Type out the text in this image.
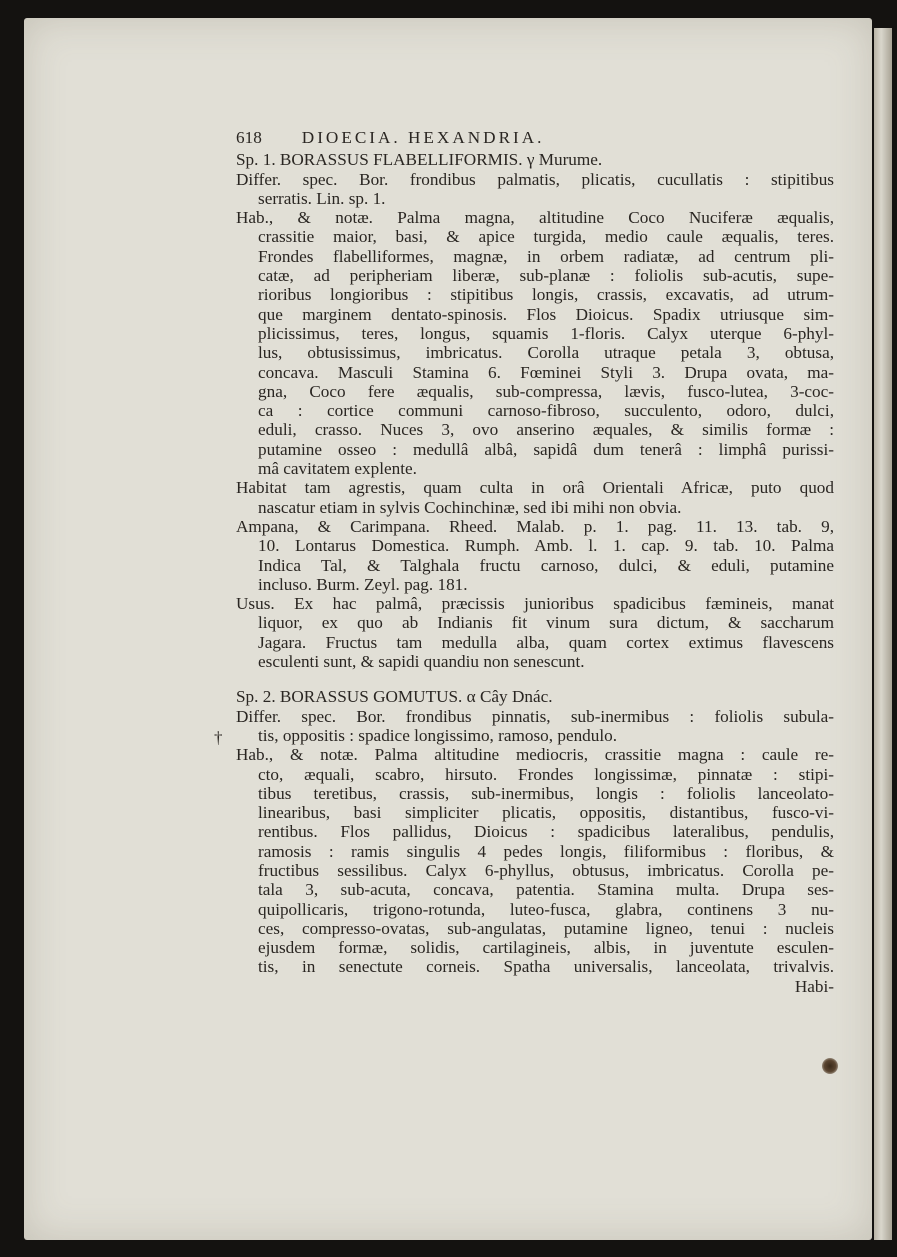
†
618 DIOECIA. HEXANDRIA.
Sp. 1. BORASSUS FLABELLIFORMIS. γ Murume.
Differ. spec. Bor. frondibus palmatis, plicatis, cucullatis : stipitibus
serratis. Lin. sp. 1.
Hab., & notæ. Palma magna, altitudine Coco Nuciferæ æqualis,
crassitie maior, basi, & apice turgida, medio caule æqualis, teres.
Frondes flabelliformes, magnæ, in orbem radiatæ, ad centrum pli-
catæ, ad peripheriam liberæ, sub-planæ : foliolis sub-acutis, supe-
rioribus longioribus : stipitibus longis, crassis, excavatis, ad utrum-
que marginem dentato-spinosis. Flos Dioicus. Spadix utriusque sim-
plicissimus, teres, longus, squamis 1-floris. Calyx uterque 6-phyl-
lus, obtusissimus, imbricatus. Corolla utraque petala 3, obtusa,
concava. Masculi Stamina 6. Fœminei Styli 3. Drupa ovata, ma-
gna, Coco fere æqualis, sub-compressa, lævis, fusco-lutea, 3-coc-
ca : cortice communi carnoso-fibroso, succulento, odoro, dulci,
eduli, crasso. Nuces 3, ovo anserino æquales, & similis formæ :
putamine osseo : medullâ albâ, sapidâ dum tenerâ : limphâ purissi-
mâ cavitatem explente.
Habitat tam agrestis, quam culta in orâ Orientali Africæ, puto quod
nascatur etiam in sylvis Cochinchinæ, sed ibi mihi non obvia.
Ampana, & Carimpana. Rheed. Malab. p. 1. pag. 11. 13. tab. 9,
10. Lontarus Domestica. Rumph. Amb. l. 1. cap. 9. tab. 10. Palma
Indica Tal, & Talghala fructu carnoso, dulci, & eduli, putamine
incluso. Burm. Zeyl. pag. 181.
Usus. Ex hac palmâ, præcissis junioribus spadicibus fæmineis, manat
liquor, ex quo ab Indianis fit vinum sura dictum, & saccharum
Jagara. Fructus tam medulla alba, quam cortex extimus flavescens
esculenti sunt, & sapidi quandiu non senescunt.
Sp. 2. BORASSUS GOMUTUS. α Cây Dnác.
Differ. spec. Bor. frondibus pinnatis, sub-inermibus : foliolis subula-
tis, oppositis : spadice longissimo, ramoso, pendulo.
Hab., & notæ. Palma altitudine mediocris, crassitie magna : caule re-
cto, æquali, scabro, hirsuto. Frondes longissimæ, pinnatæ : stipi-
tibus teretibus, crassis, sub-inermibus, longis : foliolis lanceolato-
linearibus, basi simpliciter plicatis, oppositis, distantibus, fusco-vi-
rentibus. Flos pallidus, Dioicus : spadicibus lateralibus, pendulis,
ramosis : ramis singulis 4 pedes longis, filiformibus : floribus, &
fructibus sessilibus. Calyx 6-phyllus, obtusus, imbricatus. Corolla pe-
tala 3, sub-acuta, concava, patentia. Stamina multa. Drupa ses-
quipollicaris, trigono-rotunda, luteo-fusca, glabra, continens 3 nu-
ces, compresso-ovatas, sub-angulatas, putamine ligneo, tenui : nucleis
ejusdem formæ, solidis, cartilagineis, albis, in juventute esculen-
tis, in senectute corneis. Spatha universalis, lanceolata, trivalvis.
Habi-
